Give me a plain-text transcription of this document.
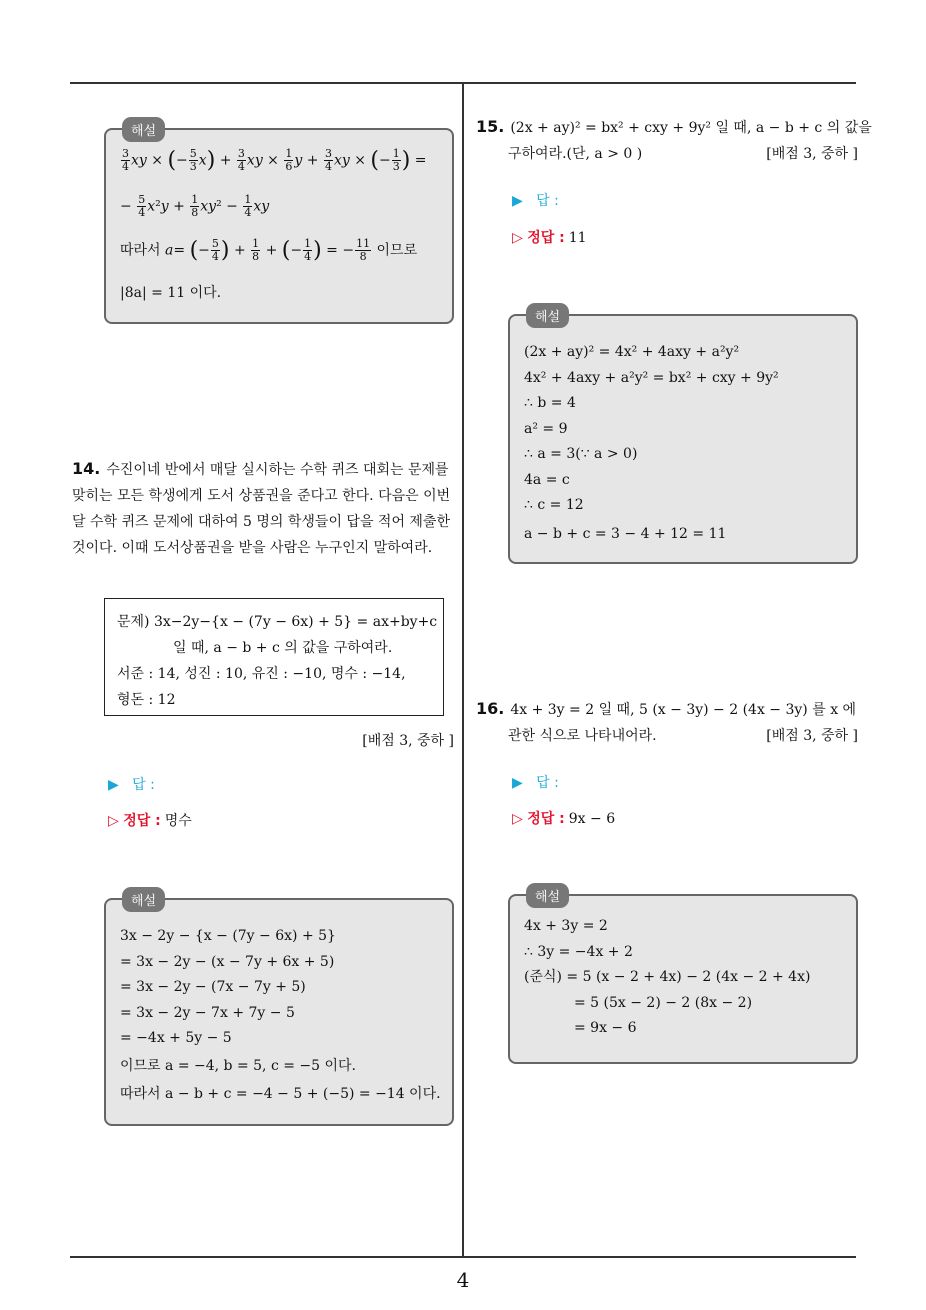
4
해설
$\frac{3}{4}$ xy × (− $\frac{5}{3} x) + \frac{3}{4}$ xy × $\frac{1}{6}$ $y + \frac{3}{4}$ xy × (− $\frac{1}{3}$ ) =
− $\frac{5}{4} x^2y + \frac{1}{8} xy^2 - \frac{1}{4}$ xy
따라서 a= (− $\frac{5}{4}$ ) + $\frac{1}{8}$ + (− $\frac{1}{4}$ ) = − $\frac{11}{8}$ 이므로
|8a| = 11 이다.
14. 수진이네 반에서 매달 실시하는 수학 퀴즈 대회는 문제를 맞히는 모든 학생에게 도서 상품권을 준다고 한다. 다음은 이번 달 수학 퀴즈 문제에 대하여 5 명의 학생들이 답을 적어 제출한 것이다. 이때 도서상품권을 받을 사람은 누구인지 말하여라.
문제) 3x−2y−{x − (7y − 6x) + 5} = ax+by+c
일 때, a − b + c 의 값을 구하여라.
서준 : 14, 성진 : 10, 유진 : −10, 명수 : −14,
형돈 : 12
[배점 3, 중하 ]
▶ 답 :
▷ 정답 : 명수
해설
3x − 2y − {x − (7y − 6x) + 5}
= 3x − 2y − (x − 7y + 6x + 5)
= 3x − 2y − (7x − 7y + 5)
= 3x − 2y − 7x + 7y − 5
= −4x + 5y − 5
이므로 a = −4, b = 5, c = −5 이다.
따라서 a − b + c = −4 − 5 + (−5) = −14 이다.
15. (2x + ay)² = bx² + cxy + 9y² 일 때, a − b + c 의 값을
구하여라.(단, a > 0 )	[배점 3, 중하 ]
▶ 답 :
▷ 정답 : 11
해설
(2x + ay)² = 4x² + 4axy + a²y²
4x² + 4axy + a²y² = bx² + cxy + 9y²
∴ b = 4
a² = 9
∴ a = 3(∵ a > 0)
4a = c
∴ c = 12
a − b + c = 3 − 4 + 12 = 11
16. 4x + 3y = 2 일 때, 5 (x − 3y) − 2 (4x − 3y) 를 x 에
관한 식으로 나타내어라.	[배점 3, 중하 ]
▶ 답 :
▷ 정답 : 9x − 6
해설
4x + 3y = 2
∴ 3y = −4x + 2
(준식) = 5 (x − 2 + 4x) − 2 (4x − 2 + 4x)
= 5 (5x − 2) − 2 (8x − 2)
= 9x − 6
